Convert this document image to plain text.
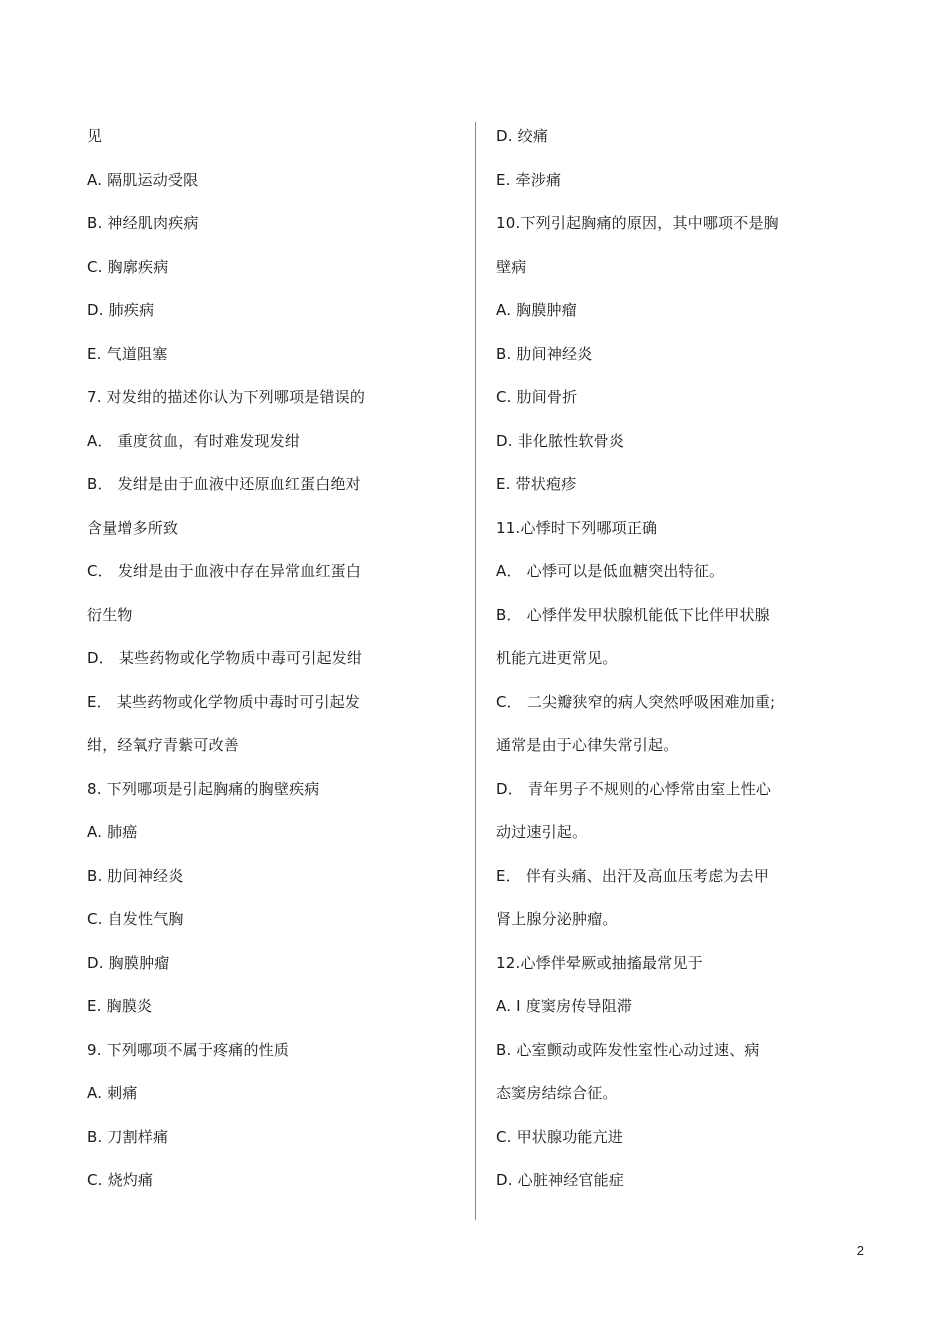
见
A. 隔肌运动受限
B. 神经肌肉疾病
C. 胸廓疾病
D. 肺疾病
E. 气道阻塞
7. 对发绀的描述你认为下列哪项是错误的
A． 重度贫血，有时难发现发绀
B． 发绀是由于血液中还原血红蛋白绝对
含量增多所致
C． 发绀是由于血液中存在异常血红蛋白
衍生物
D． 某些药物或化学物质中毒可引起发绀
E． 某些药物或化学物质中毒时可引起发
绀，经氧疗青紫可改善
8. 下列哪项是引起胸痛的胸壁疾病
A. 肺癌
B. 肋间神经炎
C. 自发性气胸
D. 胸膜肿瘤
E. 胸膜炎
9. 下列哪项不属于疼痛的性质
A. 刺痛
B. 刀割样痛
C. 烧灼痛
D. 绞痛
E. 牵涉痛
10.下列引起胸痛的原因，其中哪项不是胸
壁病
A. 胸膜肿瘤
B. 肋间神经炎
C. 肋间骨折
D. 非化脓性软骨炎
E. 带状疱疹
11.心悸时下列哪项正确
A． 心悸可以是低血糖突出特征。
B． 心悸伴发甲状腺机能低下比伴甲状腺
机能亢进更常见。
C． 二尖瓣狭窄的病人突然呼吸困难加重;
通常是由于心律失常引起。
D． 青年男子不规则的心悸常由室上性心
动过速引起。
E． 伴有头痛、出汗及高血压考虑为去甲
肾上腺分泌肿瘤。
12.心悸伴晕厥或抽搐最常见于
A. I 度窦房传导阻滞
B. 心室颤动或阵发性室性心动过速、病
态窦房结综合征。
C. 甲状腺功能亢进
D. 心脏神经官能症
2
